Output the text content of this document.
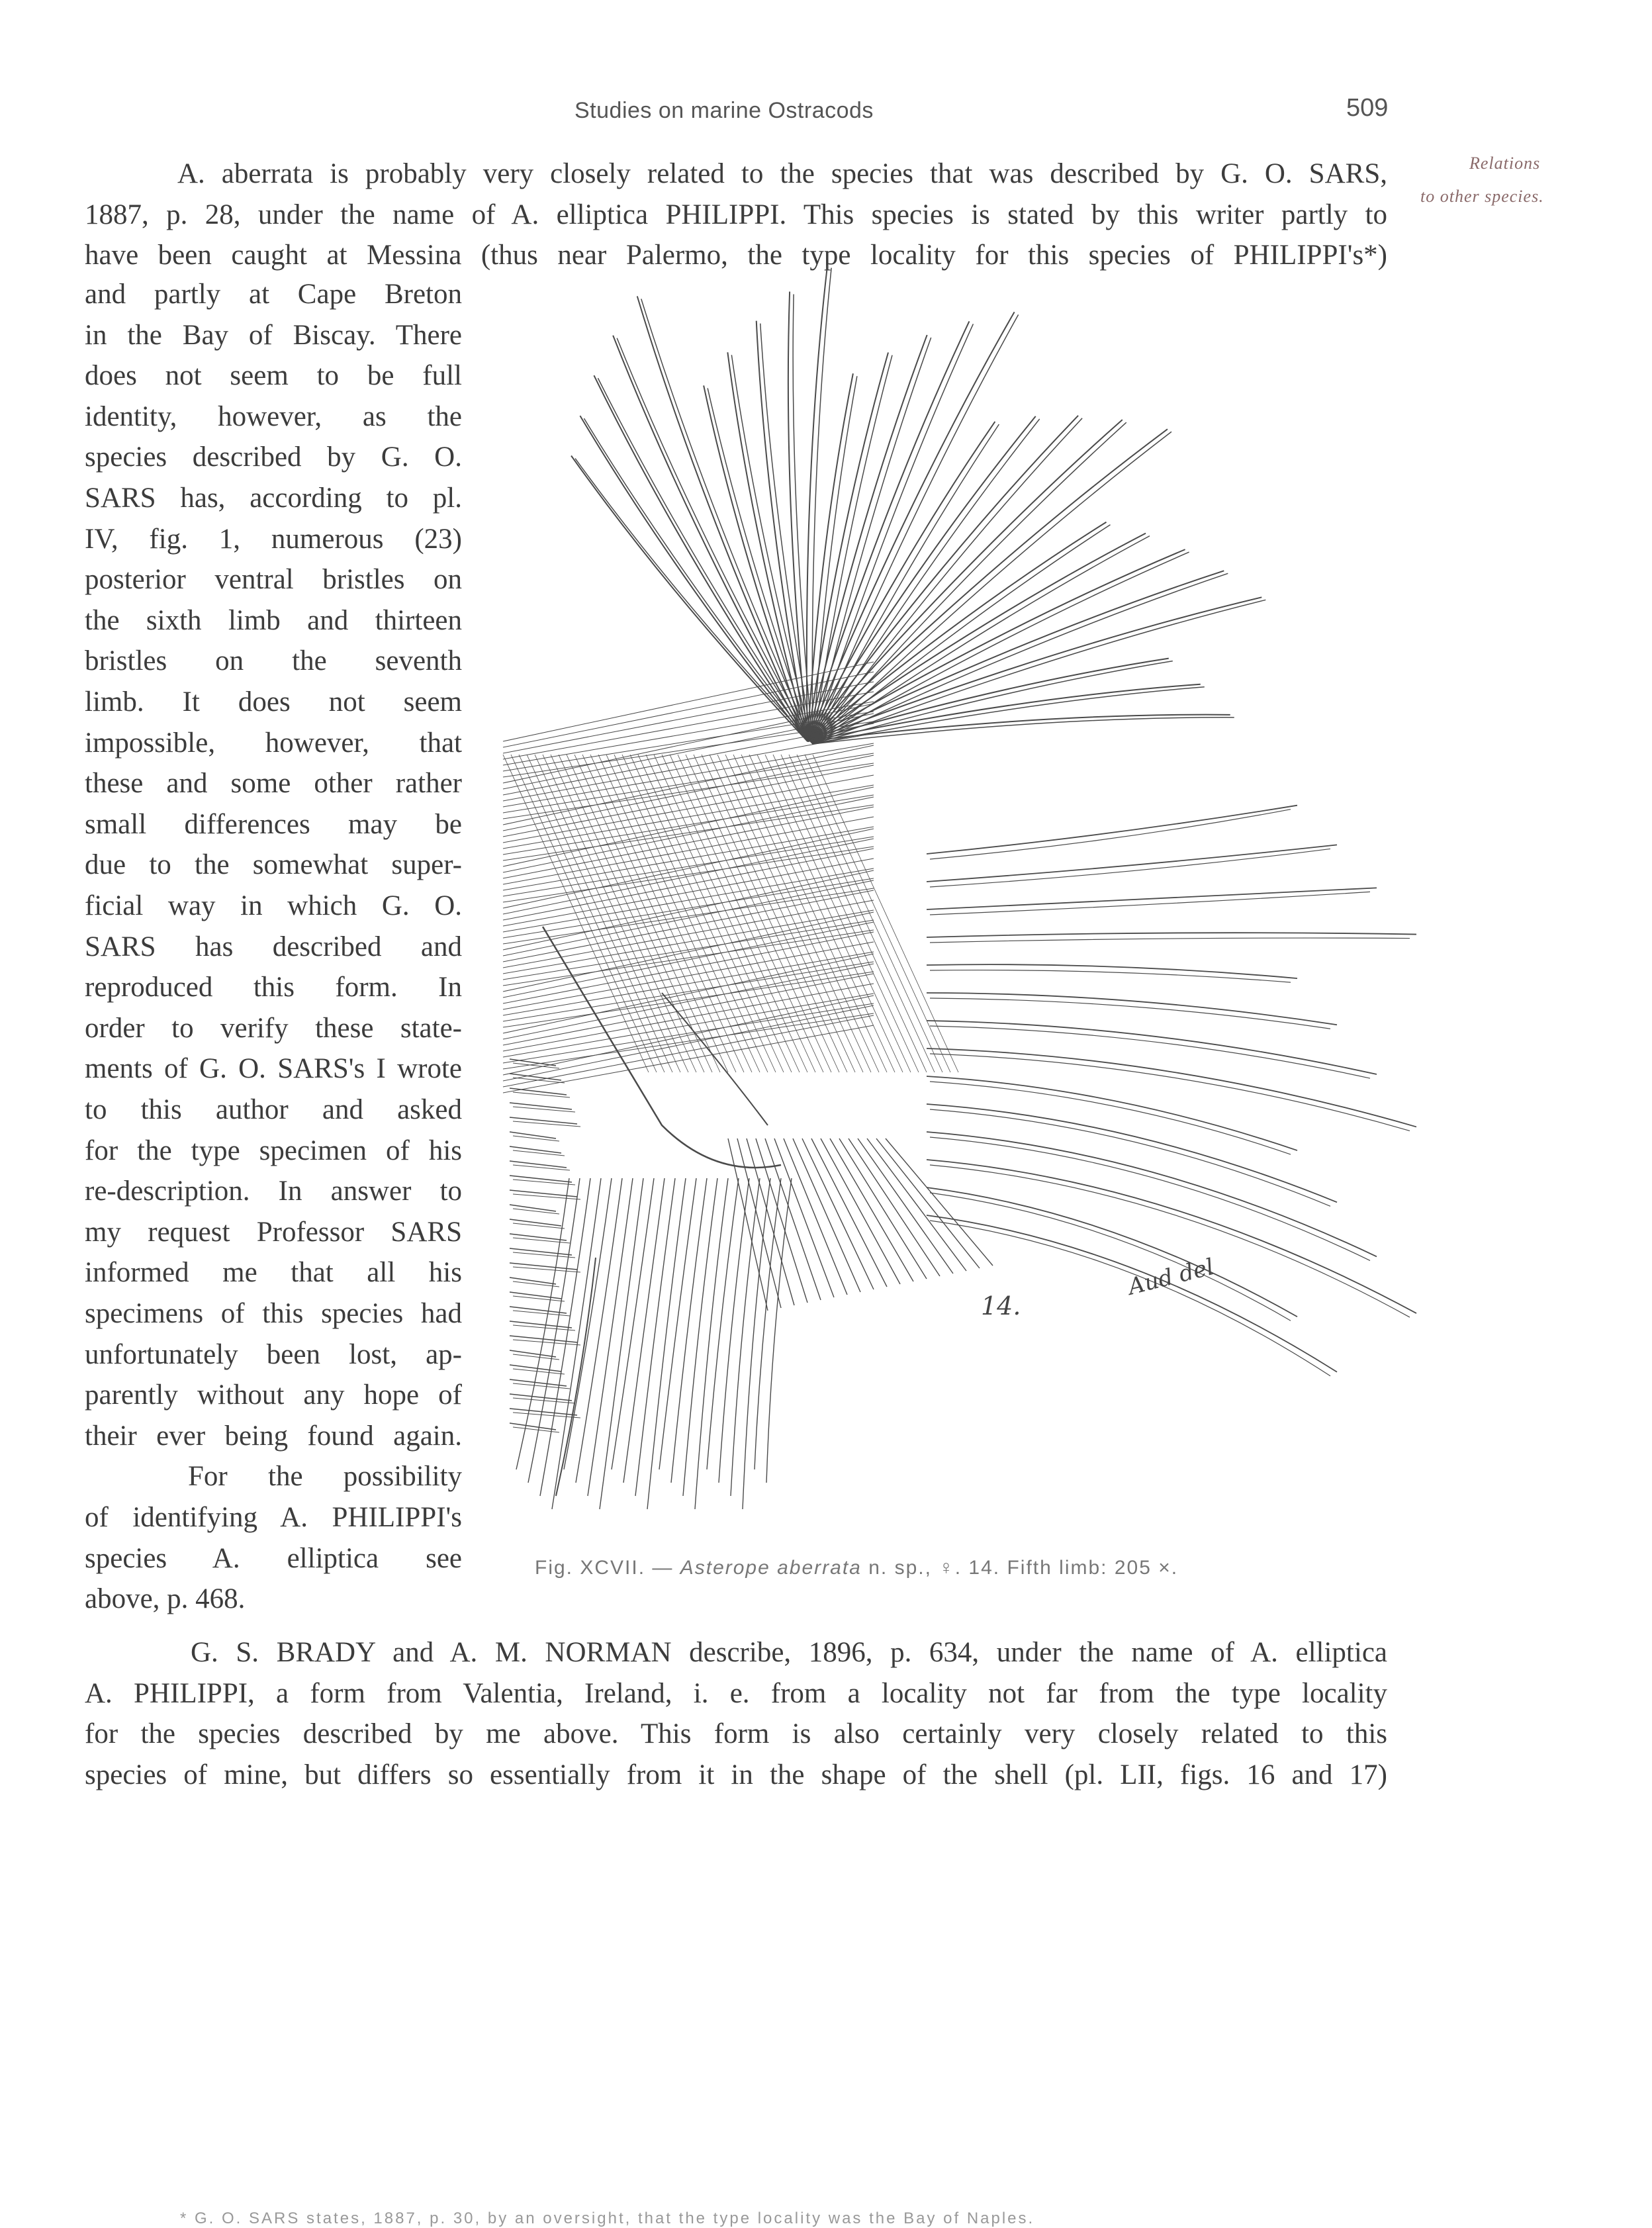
Studies on marine Ostracods	509
Relations
to other species.
A. aberrata is probably very closely related to the species that was described by G. O. SARS,
1887, p. 28, under the name of A. elliptica PHILIPPI. This species is stated by this writer partly to
have been caught at Messina (thus near Palermo, the type locality for this species of PHILIPPI's*)
and partly at Cape Breton
in the Bay of Biscay. There
does not seem to be full
identity, however, as the
species described by G. O.
SARS has, according to pl.
IV, fig. 1, numerous (23)
posterior ventral bristles on
the sixth limb and thirteen
bristles on the seventh
limb. It does not seem
impossible, however, that
these and some other rather
small differences may be
due to the somewhat super-
ficial way in which G. O.
SARS has described and
reproduced this form. In
order to verify these state-
ments of G. O. SARS's I wrote
to this author and asked
for the type specimen of his
re-description. In answer to
my request Professor SARS
informed me that all his
specimens of this species had
unfortunately been lost, ap-
parently without any hope of
their ever being found again.
For the possibility
of identifying A. PHILIPPI's
species A. elliptica see
above, p. 468.
G. S. BRADY and A. M. NORMAN describe, 1896, p. 634, under the name of A. elliptica
A. PHILIPPI, a form from Valentia, Ireland, i. e. from a locality not far from the type locality
for the species described by me above. This form is also certainly very closely related to this
species of mine, but differs so essentially from it in the shape of the shell (pl. LII, figs. 16 and 17)
14.
Aud del
Fig. XCVII. — Asterope aberrata n. sp., ♀. 14. Fifth limb: 205 ×.
* G. O. SARS states, 1887, p. 30, by an oversight, that the type locality was the Bay of Naples.
